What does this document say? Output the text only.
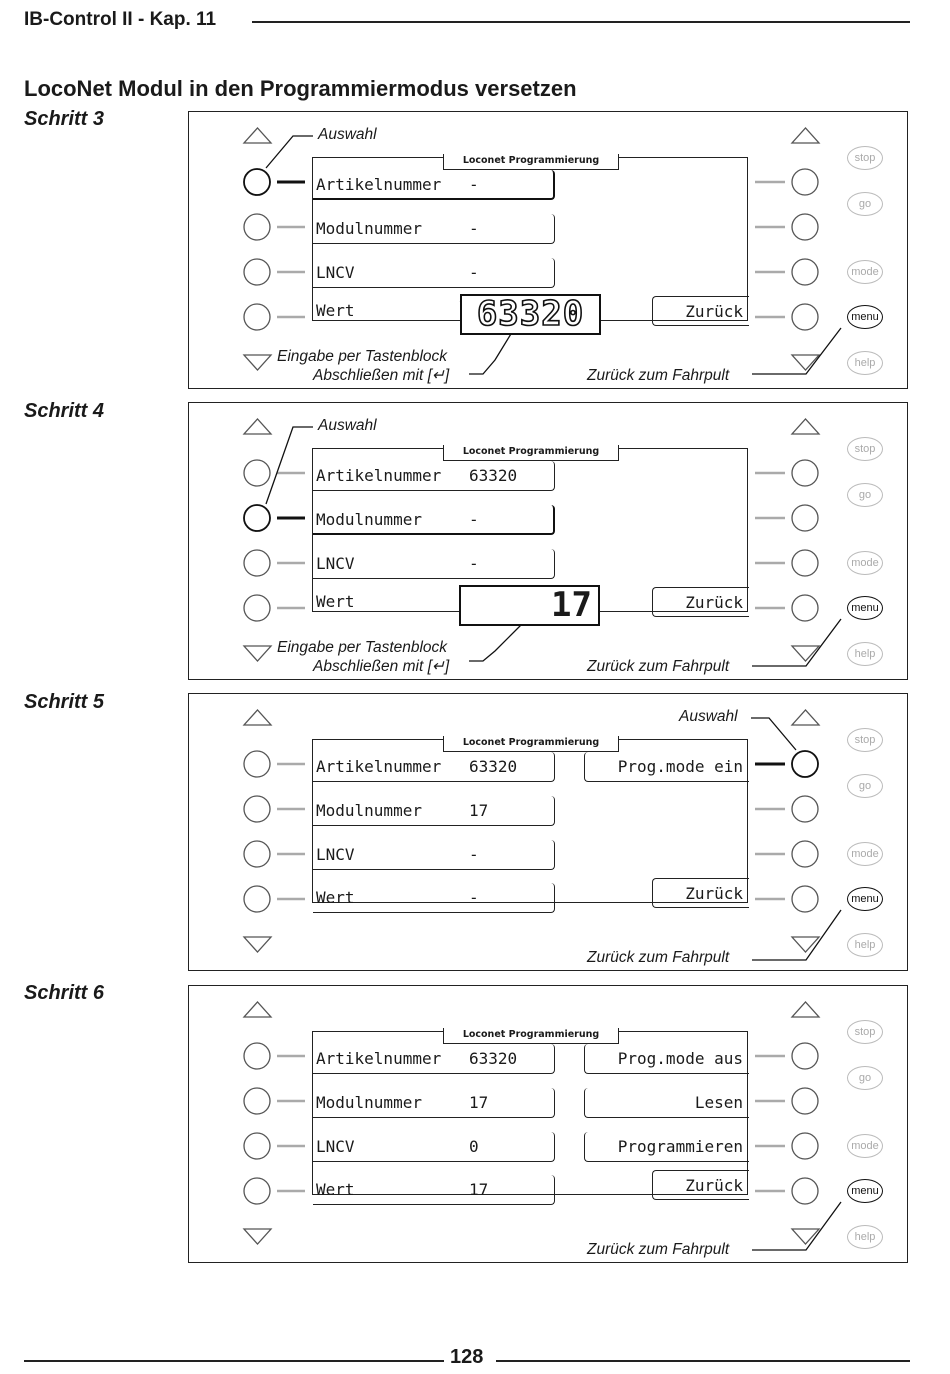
IB-Control II - Kap. 11
LocoNet Modul in den Programmiermodus versetzen
Schritt 3
Auswahl
Eingabe per Tastenblock
Abschließen mit [↵]	Zurück zum Fahrpult
Loconet Programmierung
Artikelnummer -
Modulnummer	-
LNCV	-
Wert	63320	Zurück
stop
go
mode
menu
help
Schritt 4
Auswahl
Eingabe per Tastenblock
Abschließen mit [↵]	Zurück zum Fahrpult
Loconet Programmierung
Artikelnummer 63320
Modulnummer	-
LNCV	-
Wert	17	Zurück
stop
go
mode
menu
help
Schritt 5
Auswahl
Zurück zum Fahrpult
Loconet Programmierung
Artikelnummer 63320
Modulnummer	17
LNCV	-
Wert	-
Prog.mode ein
Zurück
stop
go
mode
menu
help
Schritt 6
Zurück zum Fahrpult
Loconet Programmierung
Artikelnummer 63320
Modulnummer	17
LNCV	0
Wert	17
Prog.mode aus
Lesen
Programmieren
Zurück
stop
go
mode
menu
help
128
